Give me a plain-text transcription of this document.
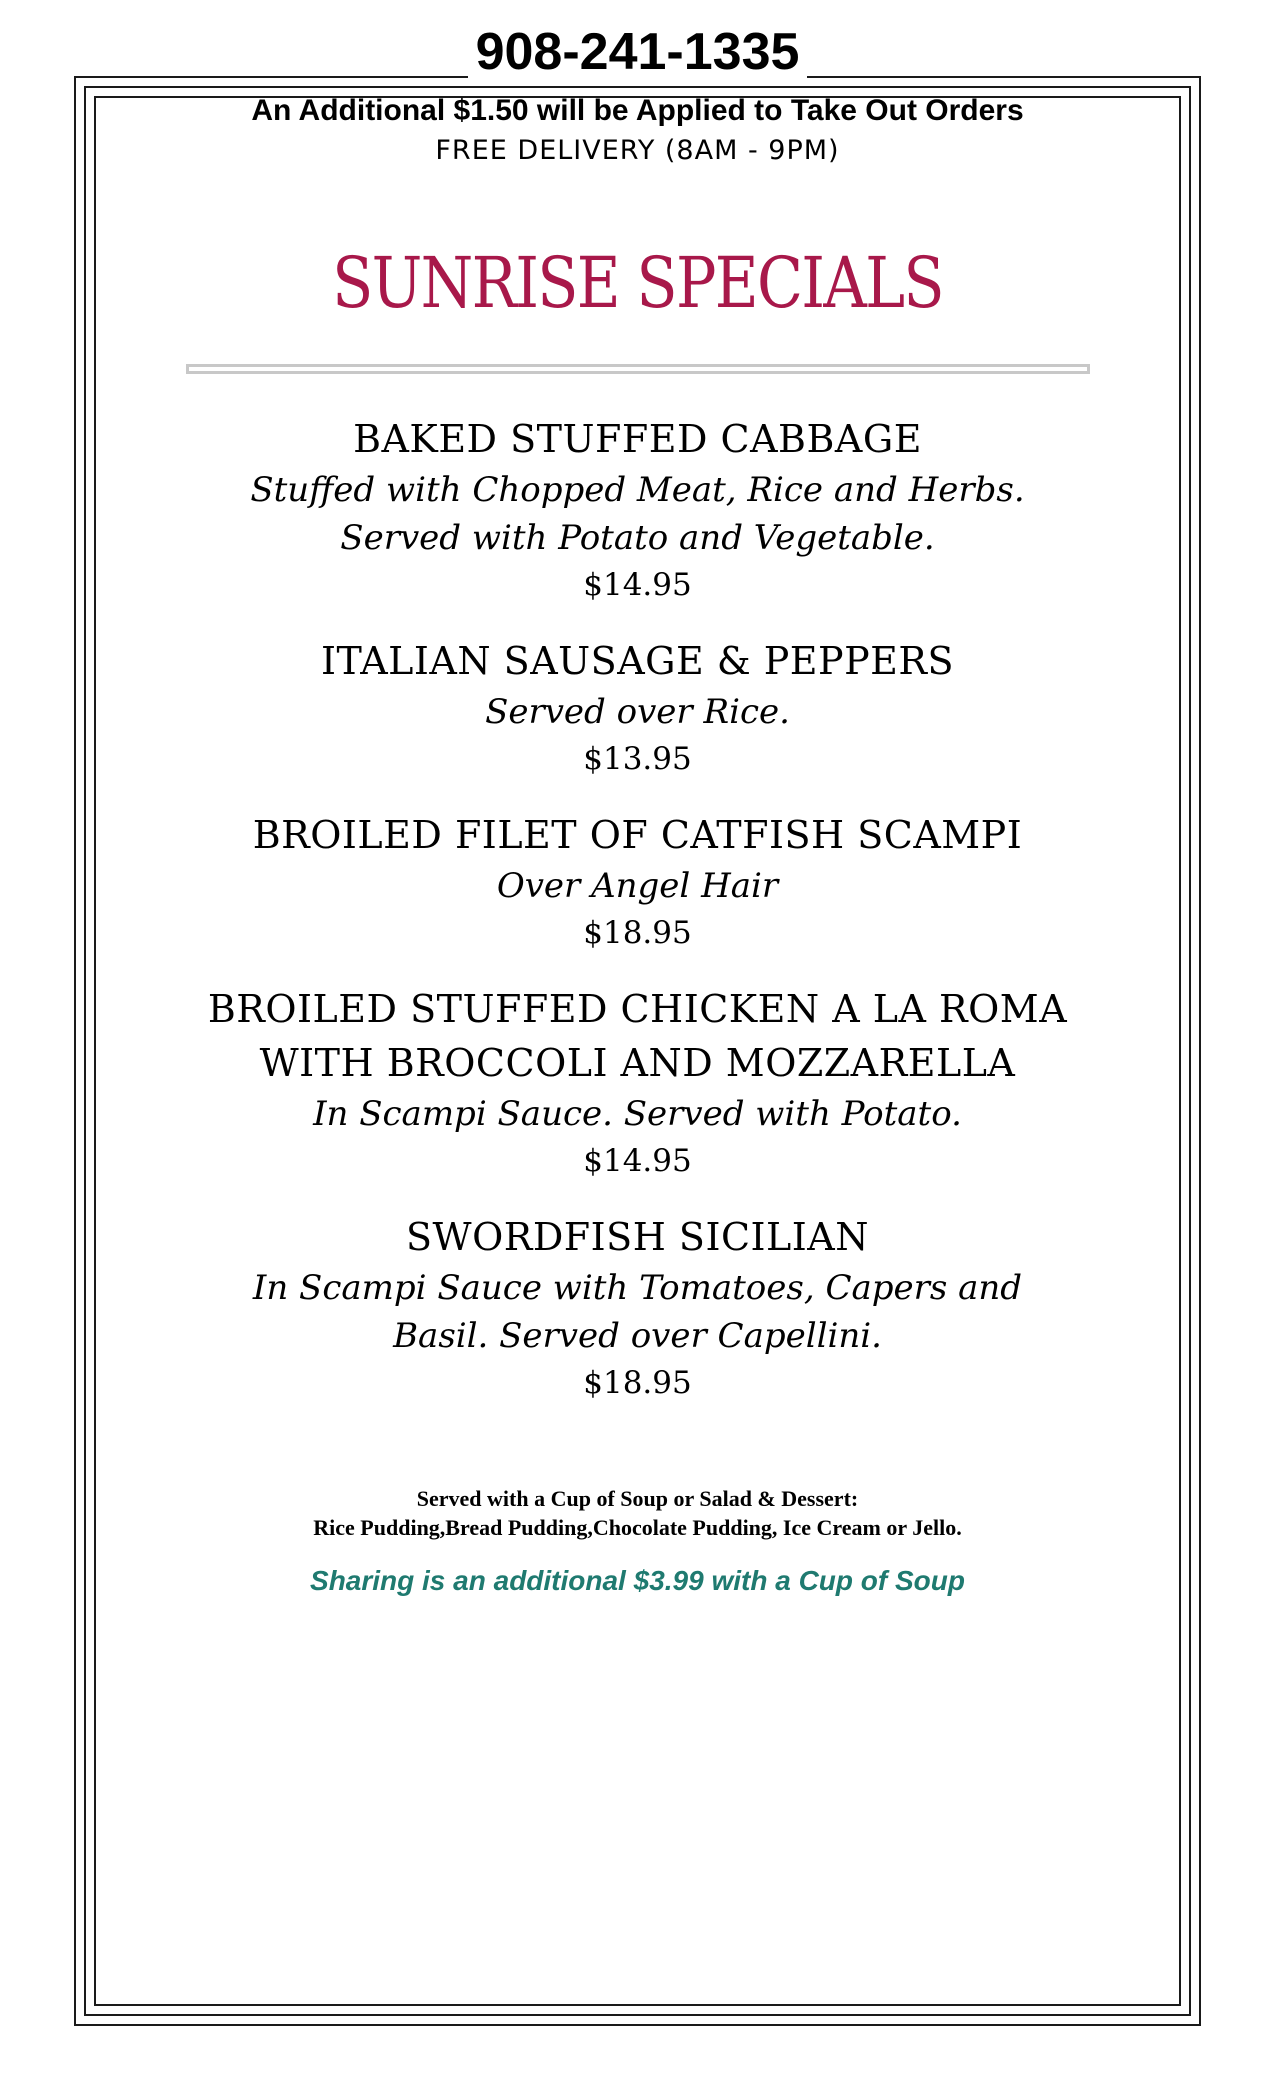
908-241-1335
An Additional $1.50 will be Applied to Take Out Orders
FREE DELIVERY (8AM - 9PM)
SUNRISE SPECIALS
BAKED STUFFED CABBAGE
Stuffed with Chopped Meat, Rice and Herbs. Served with Potato and Vegetable.
$14.95
ITALIAN SAUSAGE & PEPPERS
Served over Rice.
$13.95
BROILED FILET OF CATFISH SCAMPI
Over Angel Hair
$18.95
BROILED STUFFED CHICKEN A LA ROMA WITH BROCCOLI AND MOZZARELLA
In Scampi Sauce. Served with Potato.
$14.95
SWORDFISH SICILIAN
In Scampi Sauce with Tomatoes, Capers and Basil. Served over Capellini.
$18.95
Served with a Cup of Soup or Salad & Dessert:
Rice Pudding,Bread Pudding,Chocolate Pudding, Ice Cream or Jello.
Sharing is an additional $3.99 with a Cup of Soup
